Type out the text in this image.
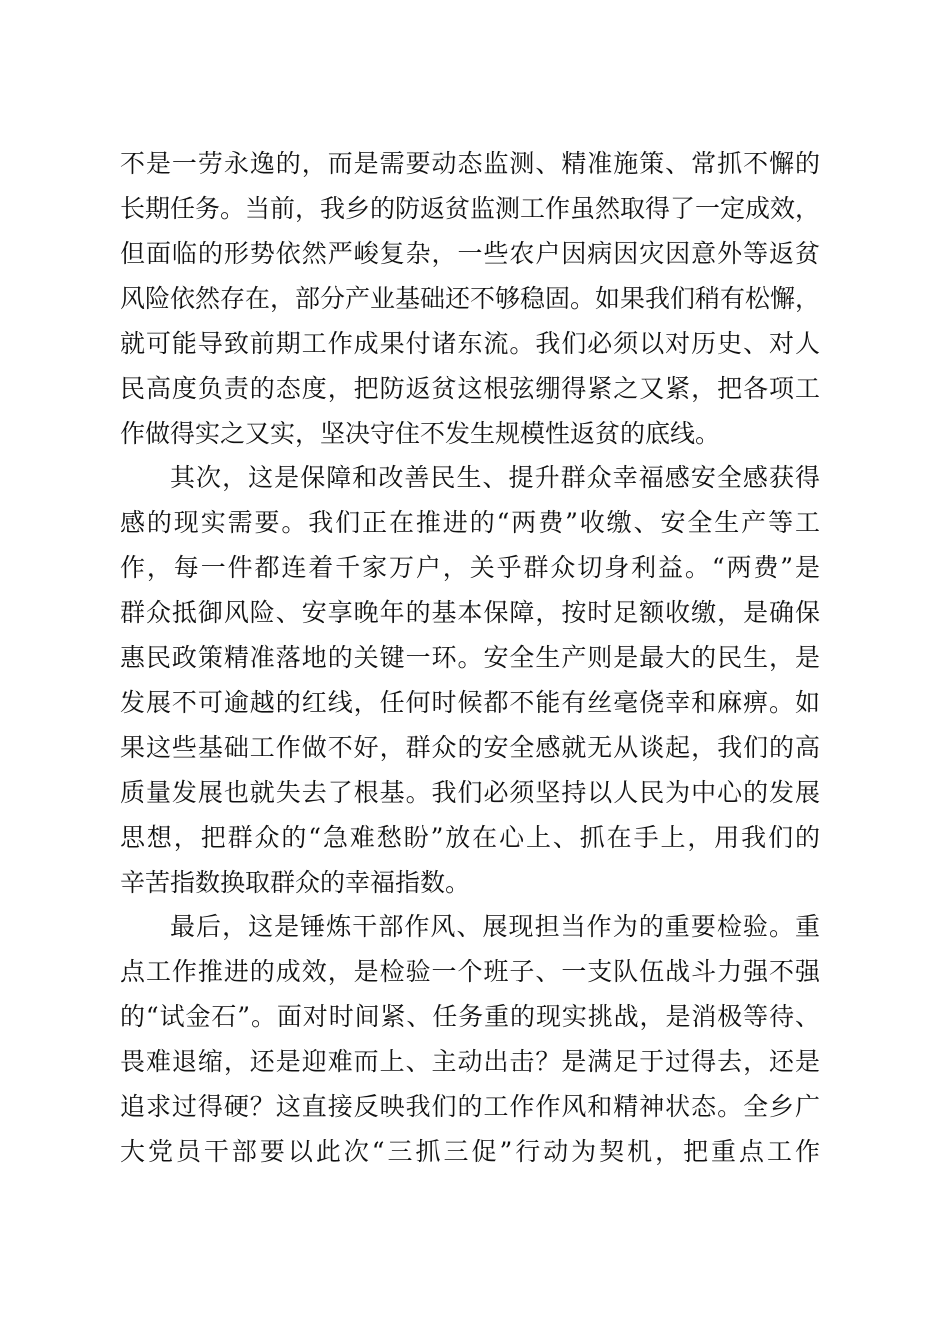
不是一劳永逸的，而是需要动态监测、精准施策、常抓不懈的
长期任务。当前，我乡的防返贫监测工作虽然取得了一定成效，
但面临的形势依然严峻复杂，一些农户因病因灾因意外等返贫
风险依然存在，部分产业基础还不够稳固。如果我们稍有松懈，
就可能导致前期工作成果付诸东流。我们必须以对历史、对人
民高度负责的态度，把防返贫这根弦绷得紧之又紧，把各项工
作做得实之又实，坚决守住不发生规模性返贫的底线。
其次，这是保障和改善民生、提升群众幸福感安全感获得
感的现实需要。我们正在推进的“两费”收缴、安全生产等工
作，每一件都连着千家万户，关乎群众切身利益。“两费”是
群众抵御风险、安享晚年的基本保障，按时足额收缴，是确保
惠民政策精准落地的关键一环。安全生产则是最大的民生，是
发展不可逾越的红线，任何时候都不能有丝毫侥幸和麻痹。如
果这些基础工作做不好，群众的安全感就无从谈起，我们的高
质量发展也就失去了根基。我们必须坚持以人民为中心的发展
思想，把群众的“急难愁盼”放在心上、抓在手上，用我们的
辛苦指数换取群众的幸福指数。
最后，这是锤炼干部作风、展现担当作为的重要检验。重
点工作推进的成效，是检验一个班子、一支队伍战斗力强不强
的“试金石”。面对时间紧、任务重的现实挑战，是消极等待、
畏难退缩，还是迎难而上、主动出击？是满足于过得去，还是
追求过得硬？这直接反映我们的工作作风和精神状态。全乡广
大党员干部要以此次“三抓三促”行动为契机，把重点工作
